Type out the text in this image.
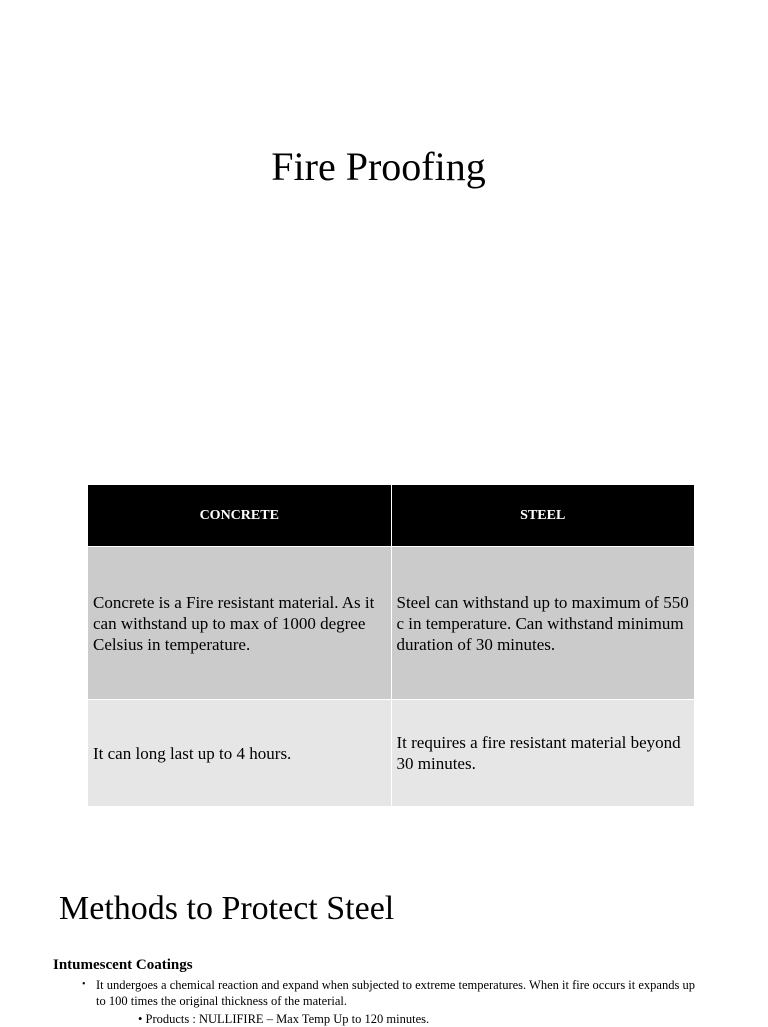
Fire Proofing
CONCRETE	STEEL
Concrete is a Fire resistant material. As it can withstand up to max of 1000 degree Celsius in temperature.	Steel can withstand up to maximum of 550 c in temperature. Can withstand minimum duration of 30 minutes.
It can long last up to 4 hours.	It requires a fire resistant material beyond 30 minutes.
Methods to Protect Steel
Intumescent Coatings
• It undergoes a chemical reaction and expand when subjected to extreme temperatures. When it fire occurs it expands up to 100 times the original thickness of the material.
• Products : NULLIFIRE – Max Temp Up to 120 minutes.
